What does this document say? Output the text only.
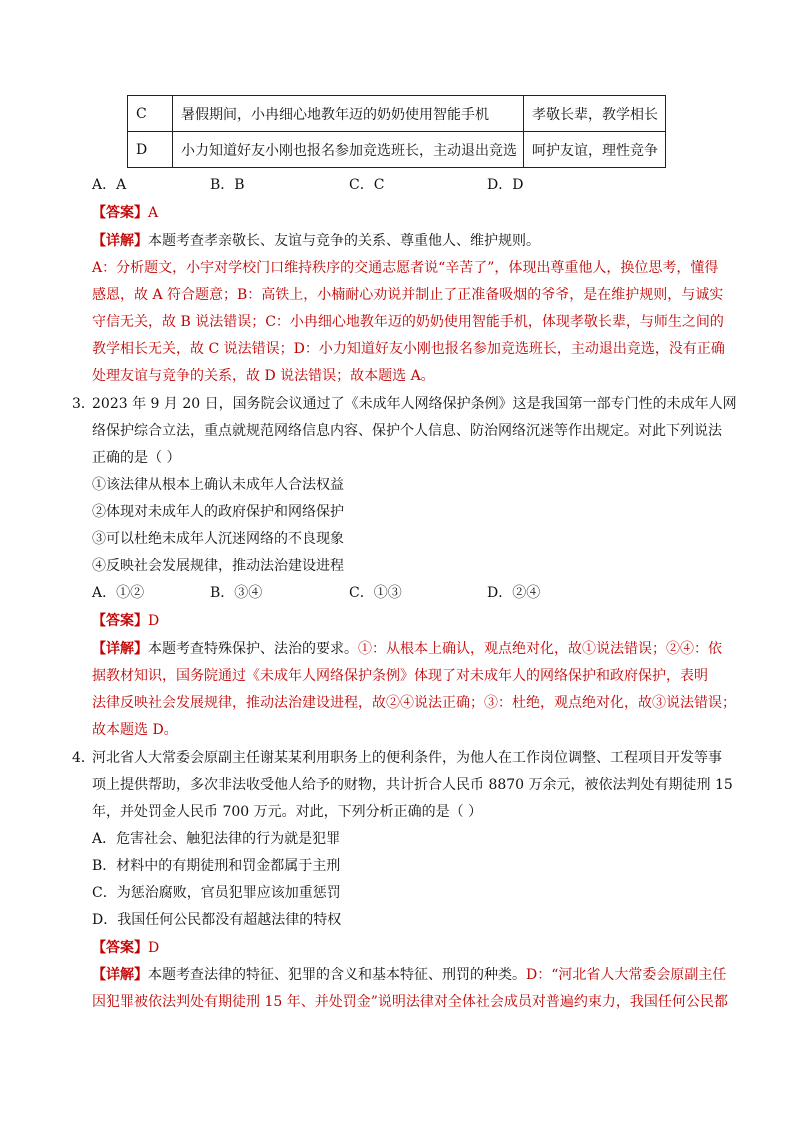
C	暑假期间，小冉细心地教年迈的奶奶使用智能手机	孝敬长辈，教学相长
D	小力知道好友小刚也报名参加竞选班长，主动退出竞选	呵护友谊，理性竞争
A．A	B．B	C．C	D．D
【答案】A
【详解】本题考查孝亲敬长、友谊与竞争的关系、尊重他人、维护规则。
A：分析题文，小宇对学校门口维持秩序的交通志愿者说“辛苦了”，体现出尊重他人，换位思考，懂得
感恩，故 A 符合题意；B：高铁上，小楠耐心劝说并制止了正准备吸烟的爷爷，是在维护规则，与诚实
守信无关，故 B 说法错误；C：小冉细心地教年迈的奶奶使用智能手机，体现孝敬长辈，与师生之间的
教学相长无关，故 C 说法错误；D：小力知道好友小刚也报名参加竞选班长，主动退出竞选，没有正确
处理友谊与竞争的关系，故 D 说法错误；故本题选 A。
3．
2023 年 9 月 20 日，国务院会议通过了《未成年人网络保护条例》这是我国第一部专门性的未成年人网
络保护综合立法，重点就规范网络信息内容、保护个人信息、防治网络沉迷等作出规定。对此下列说法
正确的是（ ）
①该法律从根本上确认未成年人合法权益
②体现对未成年人的政府保护和网络保护
③可以杜绝未成年人沉迷网络的不良现象
④反映社会发展规律，推动法治建设进程
A．①②	B．③④	C．①③	D．②④
【答案】D
【详解】本题考查特殊保护、法治的要求。①：从根本上确认，观点绝对化，故①说法错误；②④：依
据教材知识，国务院通过《未成年人网络保护条例》体现了对未成年人的网络保护和政府保护，表明
法律反映社会发展规律，推动法治建设进程，故②④说法正确；③：杜绝，观点绝对化，故③说法错误；
故本题选 D。
4．
河北省人大常委会原副主任谢某某利用职务上的便利条件，为他人在工作岗位调整、工程项目开发等事
项上提供帮助，多次非法收受他人给予的财物，共计折合人民币 8870 万余元，被依法判处有期徒刑 15
年，并处罚金人民币 700 万元。对此，下列分析正确的是（ ）
A．危害社会、触犯法律的行为就是犯罪
B．材料中的有期徒刑和罚金都属于主刑
C．为惩治腐败，官员犯罪应该加重惩罚
D．我国任何公民都没有超越法律的特权
【答案】D
【详解】本题考查法律的特征、犯罪的含义和基本特征、刑罚的种类。D：“河北省人大常委会原副主任
因犯罪被依法判处有期徒刑 15 年、并处罚金”说明法律对全体社会成员对普遍约束力，我国任何公民都
